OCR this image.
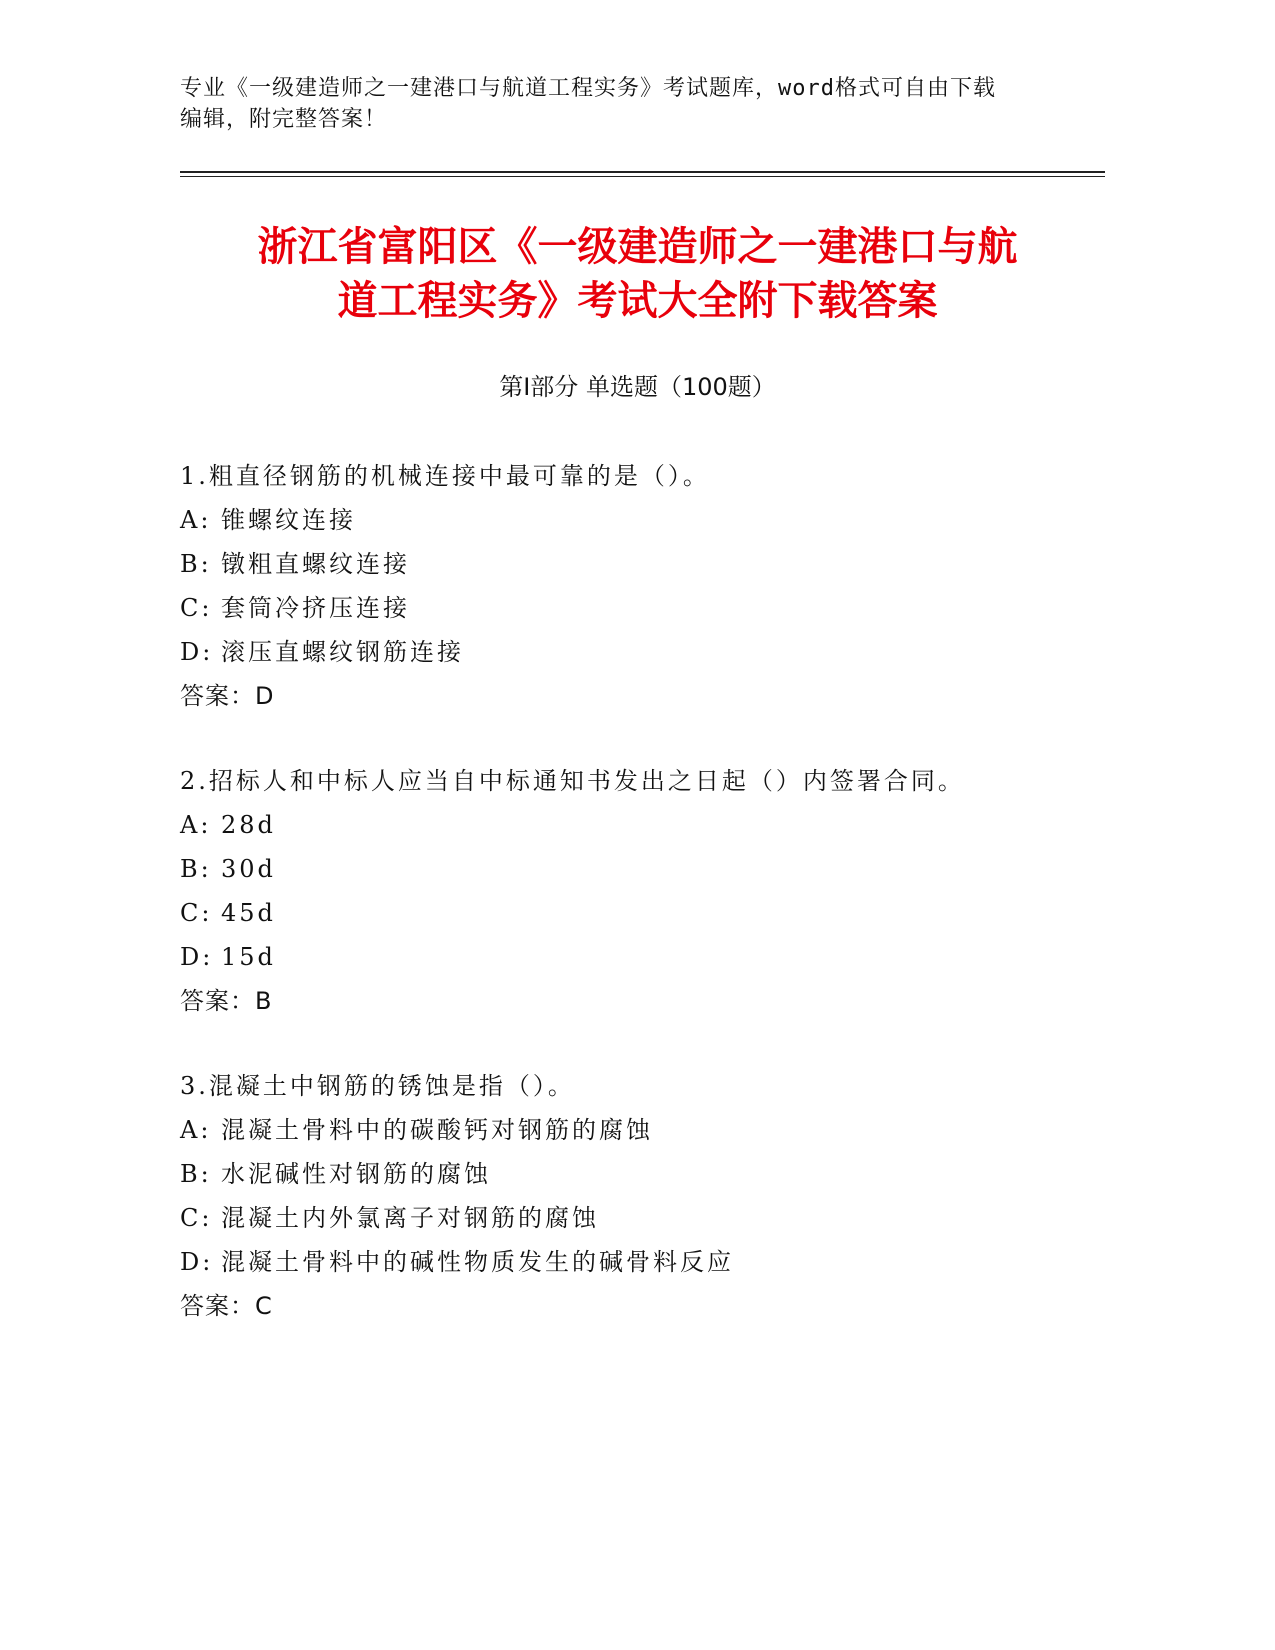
专业《一级建造师之一建港口与航道工程实务》考试题库，word格式可自由下载
编辑，附完整答案！
浙江省富阳区《一级建造师之一建港口与航
道工程实务》考试大全附下载答案
第Ⅰ部分 单选题（100题）
1.粗直径钢筋的机械连接中最可靠的是（）。
A: 锥螺纹连接
B: 镦粗直螺纹连接
C: 套筒冷挤压连接
D: 滚压直螺纹钢筋连接
答案：D
2.招标人和中标人应当自中标通知书发出之日起（）内签署合同。
A: 28d
B: 30d
C: 45d
D: 15d
答案：B
3.混凝土中钢筋的锈蚀是指（）。
A: 混凝土骨料中的碳酸钙对钢筋的腐蚀
B: 水泥碱性对钢筋的腐蚀
C: 混凝土内外氯离子对钢筋的腐蚀
D: 混凝土骨料中的碱性物质发生的碱骨料反应
答案：C
